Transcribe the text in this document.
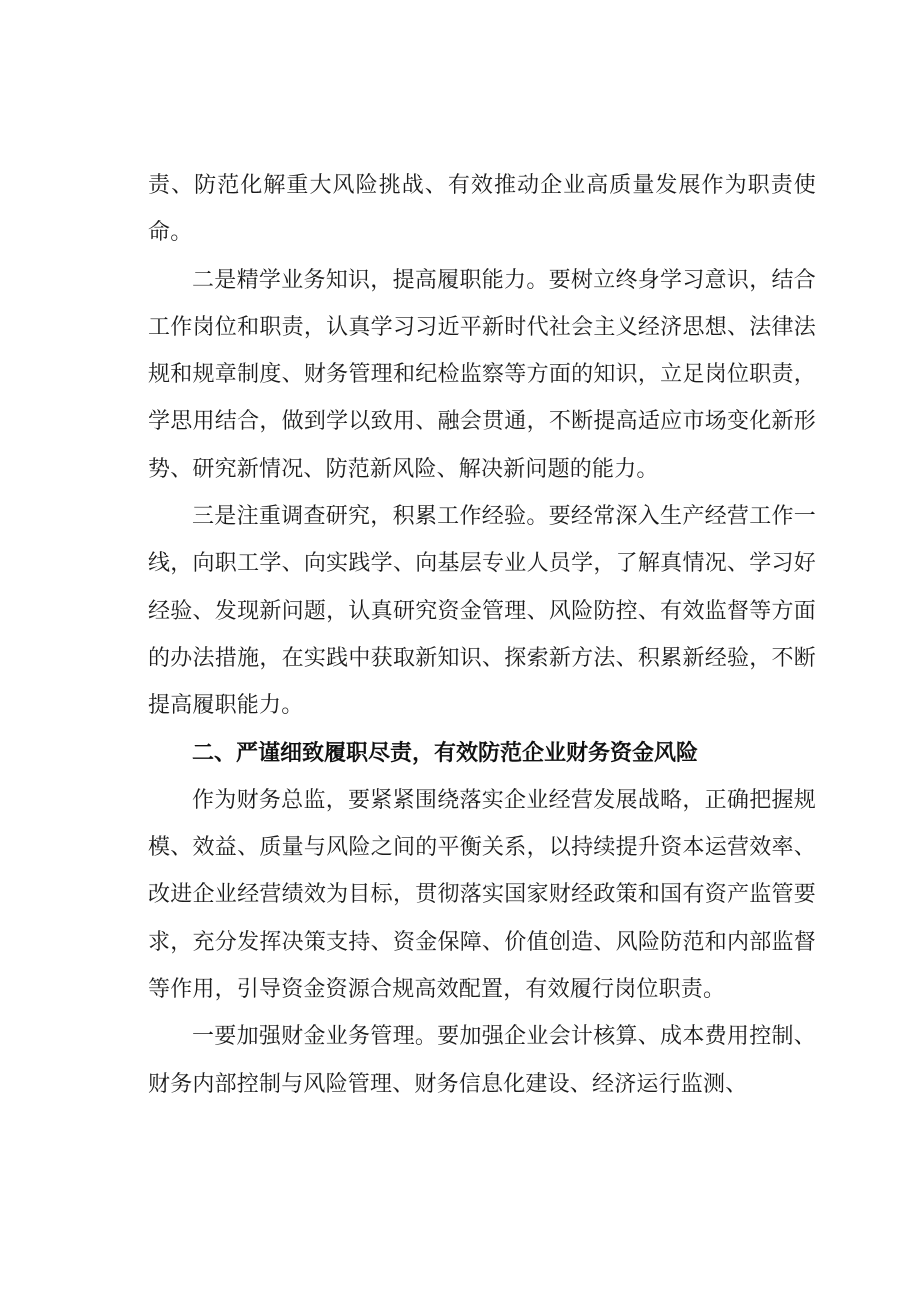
责、防范化解重大风险挑战、有效推动企业高质量发展作为职责使命。

二是精学业务知识，提高履职能力。要树立终身学习意识，结合工作岗位和职责，认真学习习近平新时代社会主义经济思想、法律法规和规章制度、财务管理和纪检监察等方面的知识，立足岗位职责，学思用结合，做到学以致用、融会贯通，不断提高适应市场变化新形势、研究新情况、防范新风险、解决新问题的能力。

三是注重调查研究，积累工作经验。要经常深入生产经营工作一线，向职工学、向实践学、向基层专业人员学，了解真情况、学习好经验、发现新问题，认真研究资金管理、风险防控、有效监督等方面的办法措施，在实践中获取新知识、探索新方法、积累新经验，不断提高履职能力。

二、严谨细致履职尽责，有效防范企业财务资金风险

作为财务总监，要紧紧围绕落实企业经营发展战略，正确把握规模、效益、质量与风险之间的平衡关系，以持续提升资本运营效率、改进企业经营绩效为目标，贯彻落实国家财经政策和国有资产监管要求，充分发挥决策支持、资金保障、价值创造、风险防范和内部监督等作用，引导资金资源合规高效配置，有效履行岗位职责。

一要加强财金业务管理。要加强企业会计核算、成本费用控制、财务内部控制与风险管理、财务信息化建设、经济运行监测、
